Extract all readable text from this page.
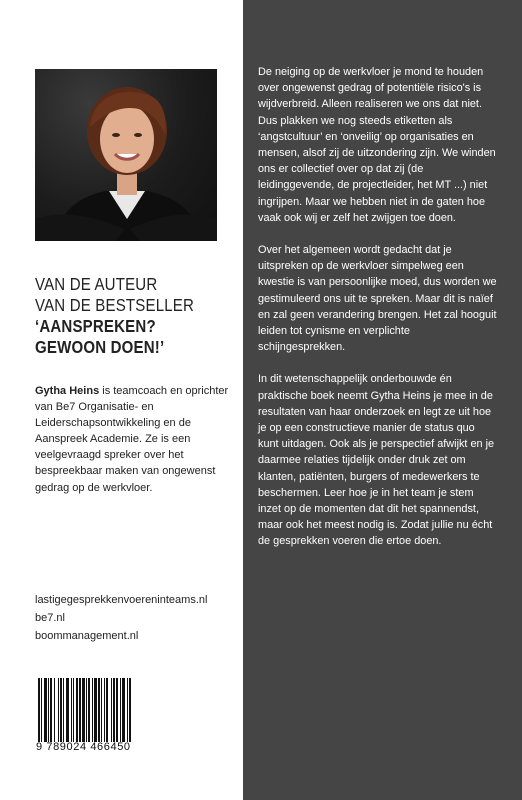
VAN DE AUTEUR
VAN DE BESTSELLER
‘AANSPREKEN?
GEWOON DOEN!’
Gytha Heins is teamcoach en oprichter van Be7 Organisatie- en Leiderschapsontwikkeling en de Aanspreek Academie. Ze is een veelgevraagd spreker over het bespreekbaar maken van ongewenst gedrag op de werkvloer.
lastigegesprekkenvoereninteams.nl
be7.nl
boommanagement.nl
9 789024 466450

De neiging op de werkvloer je mond te houden over ongewenst gedrag of potentiële risico's is wijdverbreid. Alleen realiseren we ons dat niet. Dus plakken we nog steeds etiketten als ‘angstcultuur’ en ‘onveilig’ op organisaties en mensen, alsof zij de uitzondering zijn. We winden ons er collectief over op dat zij (de leidinggevende, de projectleider, het MT ...) niet ingrijpen. Maar we hebben niet in de gaten hoe vaak ook wij er zelf het zwijgen toe doen.

Over het algemeen wordt gedacht dat je uitspreken op de werkvloer simpelweg een kwestie is van persoonlijke moed, dus worden we gestimuleerd ons uit te spreken. Maar dit is naïef en zal geen verandering brengen. Het zal hooguit leiden tot cynisme en verplichte schijngesprekken.

In dit wetenschappelijk onderbouwde én praktische boek neemt Gytha Heins je mee in de resultaten van haar onderzoek en legt ze uit hoe je op een constructieve manier de status quo kunt uitdagen. Ook als je perspectief afwijkt en je daarmee relaties tijdelijk onder druk zet om klanten, patiënten, burgers of medewerkers te beschermen. Leer hoe je in het team je stem inzet op de momenten dat dit het spannendst, maar ook het meest nodig is. Zodat jullie nu écht de gesprekken voeren die ertoe doen.
